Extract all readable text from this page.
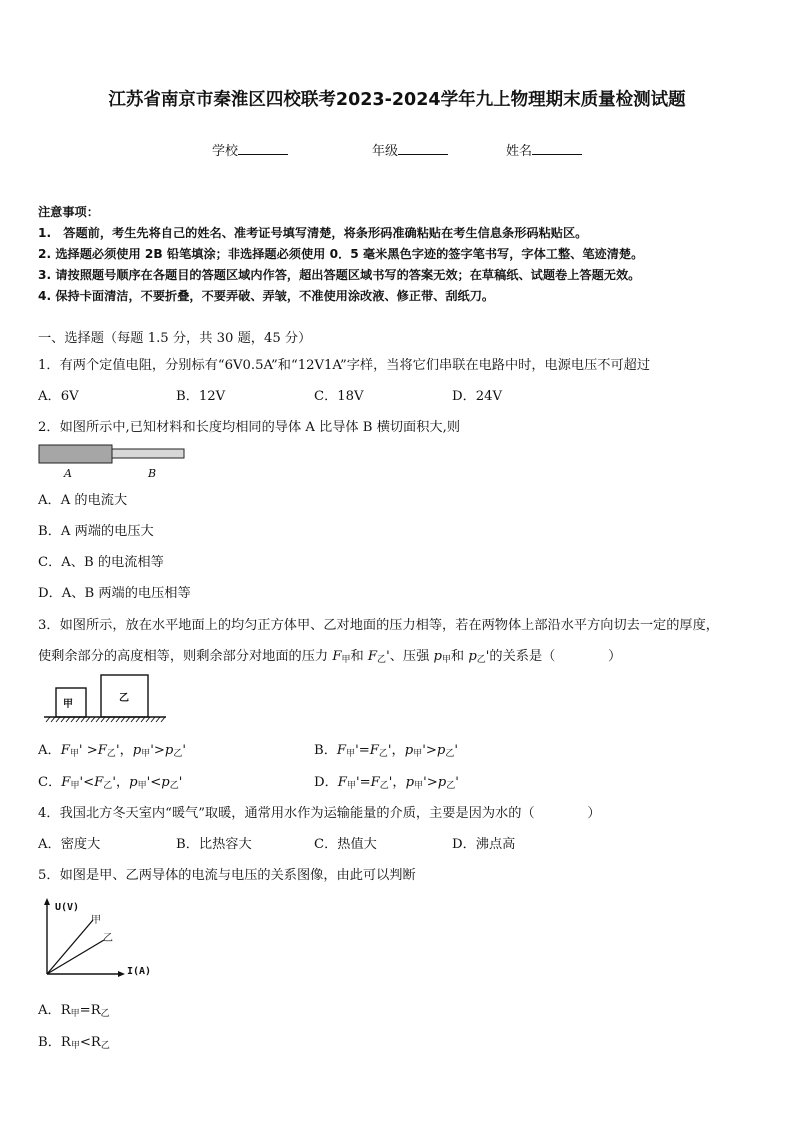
江苏省南京市秦淮区四校联考2023-2024学年九上物理期末质量检测试题
学校	年级	姓名
注意事项：
1.　答题前，考生先将自己的姓名、准考证号填写清楚，将条形码准确粘贴在考生信息条形码粘贴区。
2. 选择题必须使用 2B 铅笔填涂；非选择题必须使用 0．5 毫米黑色字迹的签字笔书写，字体工整、笔迹清楚。
3. 请按照题号顺序在各题目的答题区域内作答，超出答题区域书写的答案无效；在草稿纸、试题卷上答题无效。
4. 保持卡面清洁，不要折叠，不要弄破、弄皱，不准使用涂改液、修正带、刮纸刀。
一、选择题（每题 1.5 分，共 30 题，45 分）
1．有两个定值电阻，分别标有“6V0.5A”和“12V1A”字样，当将它们串联在电路中时，电源电压不可超过
A．6V	B．12V	C．18V	D．24V
2．如图所示中,已知材料和长度均相同的导体 A 比导体 B 横切面积大,则
A	B
A．A 的电流大
B．A 两端的电压大
C．A、B 的电流相等
D．A、B 两端的电压相等
3．如图所示，放在水平地面上的均匀正方体甲、乙对地面的压力相等，若在两物体上部沿水平方向切去一定的厚度，
使剩余部分的高度相等，则剩余部分对地面的压力 $F_甲$和 $F_乙'$、压强 $p_甲$和 $p_乙'$的关系是（　　　　）
甲
乙
A．$F_甲' >F_乙'$，$p_甲'>p_乙'$	B．$F_甲'=F_乙'$，$p_甲'>p_乙'$
C．$F_甲'<F_乙'$，$p_甲'<p_乙'$	D．$F_甲'=F_乙'$，$p_甲'>p_乙'$
4．我国北方冬天室内“暖气”取暖，通常用水作为运输能量的介质，主要是因为水的（　　　　）
A．密度大	B．比热容大	C．热值大	D．沸点高
5．如图是甲、乙两导体的电流与电压的关系图像，由此可以判断
U(V)
I(A)
甲
乙
A．$R_甲=R_乙$
B．$R_甲<R_乙$
